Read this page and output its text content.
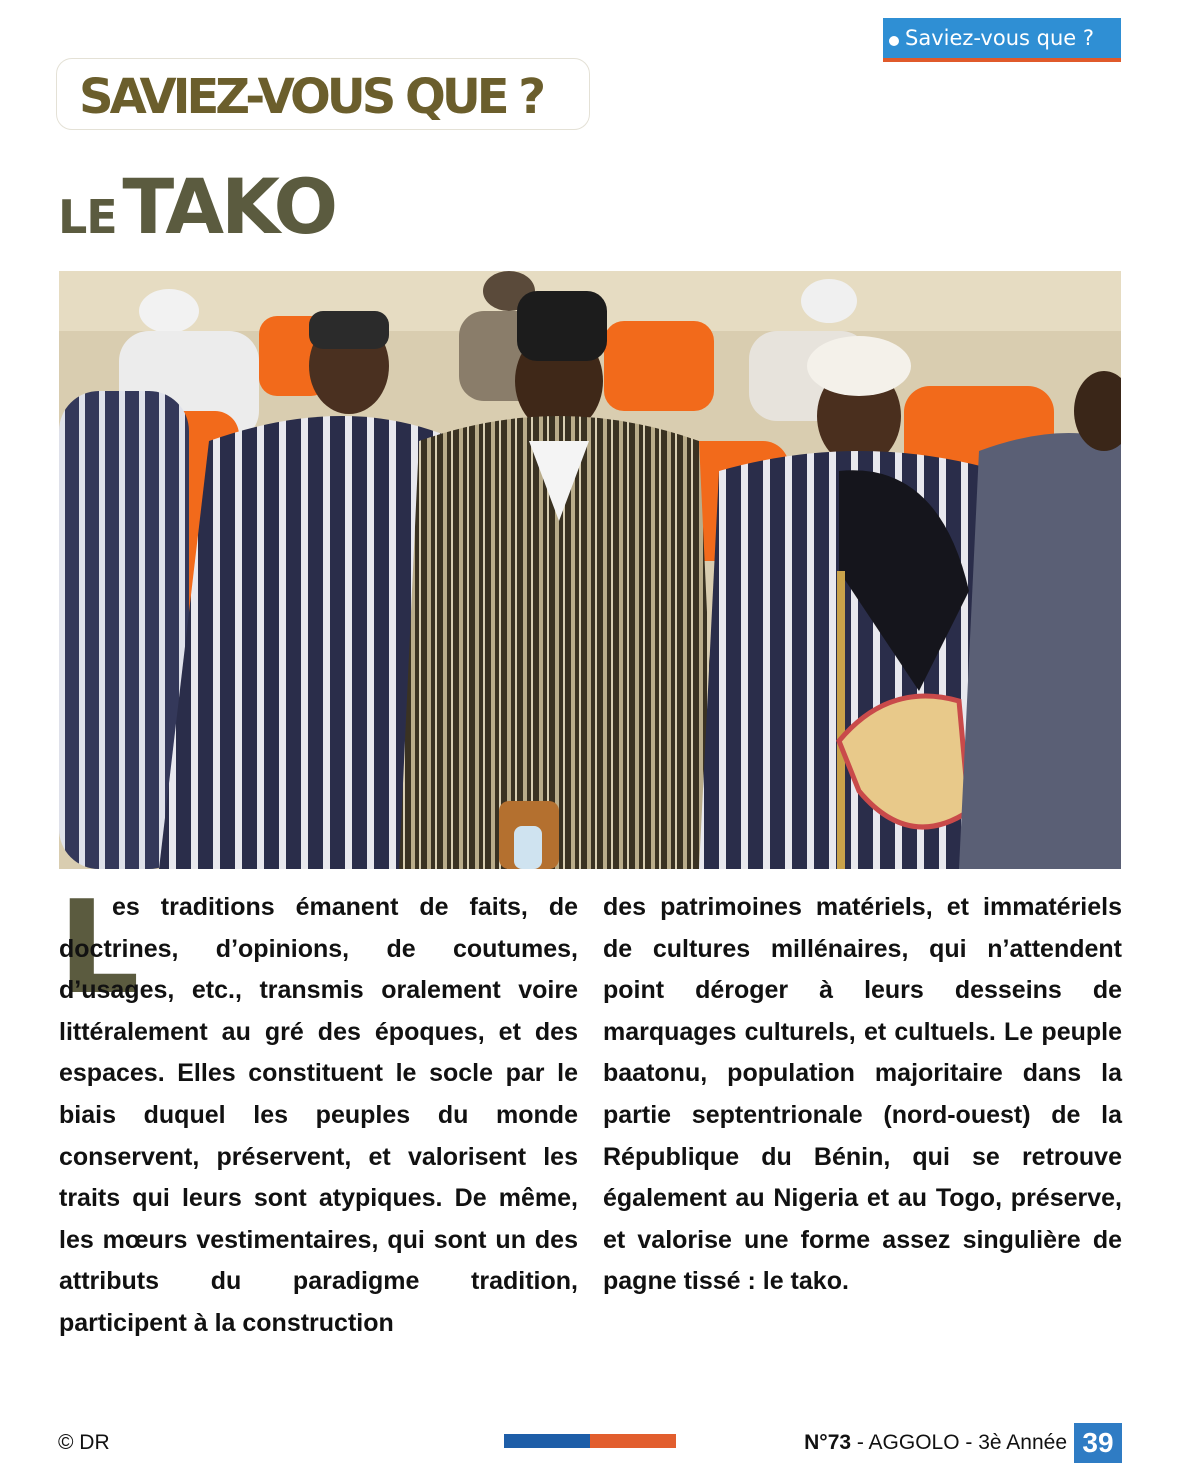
Saviez-vous que ?
SAVIEZ-VOUS QUE ?
LE TAKO
L
es traditions émanent de faits, de doctrines, d’opinions, de coutumes, d’usages, etc., transmis oralement voire littéralement au gré des époques, et des espaces. Elles constituent le socle par le biais duquel les peuples du monde conservent, préservent, et valorisent les traits qui leurs sont atypiques. De même, les mœurs vestimentaires, qui sont un des attributs du paradigme tradition, participent à la construction
des patrimoines matériels, et immatériels de cultures millénaires, qui n’attendent point déroger à leurs desseins de marquages culturels, et cultuels. Le peuple baatonu, population majoritaire dans la partie septentrionale (nord-ouest) de la République du Bénin, qui se retrouve également au Nigeria et au Togo, préserve, et valorise une forme assez singulière de pagne tissé : le tako.
© DR	N°73 - AGGOLO - 3è Année 39
